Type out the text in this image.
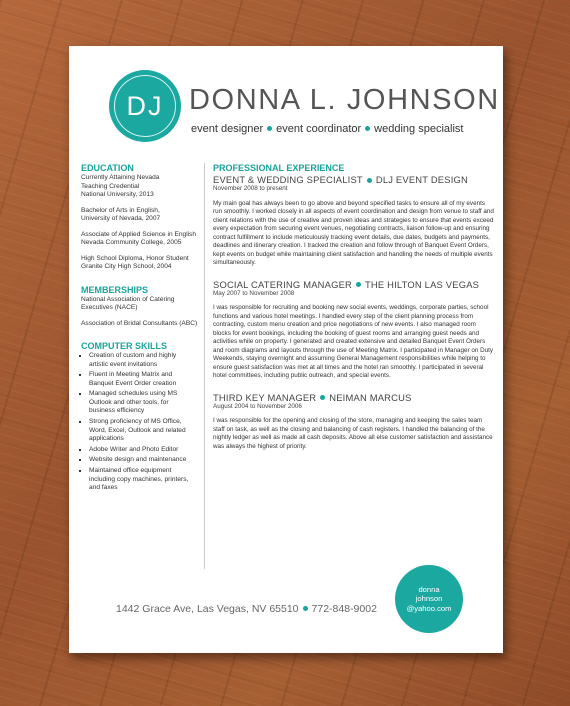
DJ DONNA L. JOHNSON
event designer event coordinator wedding specialist
EDUCATION
Currently Attaining Nevada
Teaching Credential
National University, 2013
Bachelor of Arts in English,
University of Nevada, 2007
Associate of Applied Science in English
Nevada Community College, 2005
High School Diploma, Honor Student
Granite City High School, 2004
MEMBERSHIPS
National Association of Catering
Executives (NACE)
Association of Bridal Consultants (ABC)
COMPUTER SKILLS
▪ Creation of custom and highly
artistic event invitations
▪ Fluent in Meeting Matrix and
Banquet Event Order creation
▪ Managed schedules using MS
Outlook and other tools, for
business efficiency
▪ Strong proficiency of MS Office,
Word, Excel, Outlook and related
applications
▪ Adobe Writer and Photo Editor
▪ Website design and maintenance
▪ Maintained office equipment
including copy machines, printers,
and faxes
PROFESSIONAL EXPERIENCE
EVENT & WEDDING SPECIALIST DLJ EVENT DESIGN
November 2008 to present
My main goal has always been to go above and beyond specified tasks to ensure all of my events run smoothly. I worked closely in all aspects of event coordination and design from venue to staff and client relations with the use of creative and proven ideas and strategies to ensure that events exceed every expectation from securing event venues, negotiating contracts, liaison follow-up and ensuring contract fulfillment to include meticulously tracking event details, due dates, budgets and payments, deadlines and itinerary creation. I tracked the creation and follow through of Banquet Event Orders, kept events on budget while maintaining client satisfaction and handling the needs of multiple events simultaneously.
SOCIAL CATERING MANAGER THE HILTON LAS VEGAS
May 2007 to November 2008
I was responsible for recruiting and booking new social events, weddings, corporate parties, school functions and various hotel meetings. I handled every step of the client planning process from contracting, custom menu creation and price negotiations of new events. I also managed room blocks for event bookings, including the booking of guest rooms and arranging guest needs and activities while on property. I generated and created extensive and detailed Banquet Event Orders and room diagrams and layouts through the use of Meeting Matrix. I participated in Manager on Duty Weekends, staying overnight and assuming General Management responsibilities while helping to ensure guest satisfaction was met at all times and the hotel ran smoothly. I participated in several hotel committees, including public outreach, and special events.
THIRD KEY MANAGER NEIMAN MARCUS
August 2004 to November 2006
I was responsible for the opening and closing of the store, managing and keeping the sales team staff on task, as well as the closing and balancing of cash registers. I handled the balancing of the nightly ledger as well as made all cash deposits. Above all else customer satisfaction and assistance was always the highest of priority.
1442 Grace Ave, Las Vegas, NV 65510 772-848-9002
donna
johnson
@yahoo.com
